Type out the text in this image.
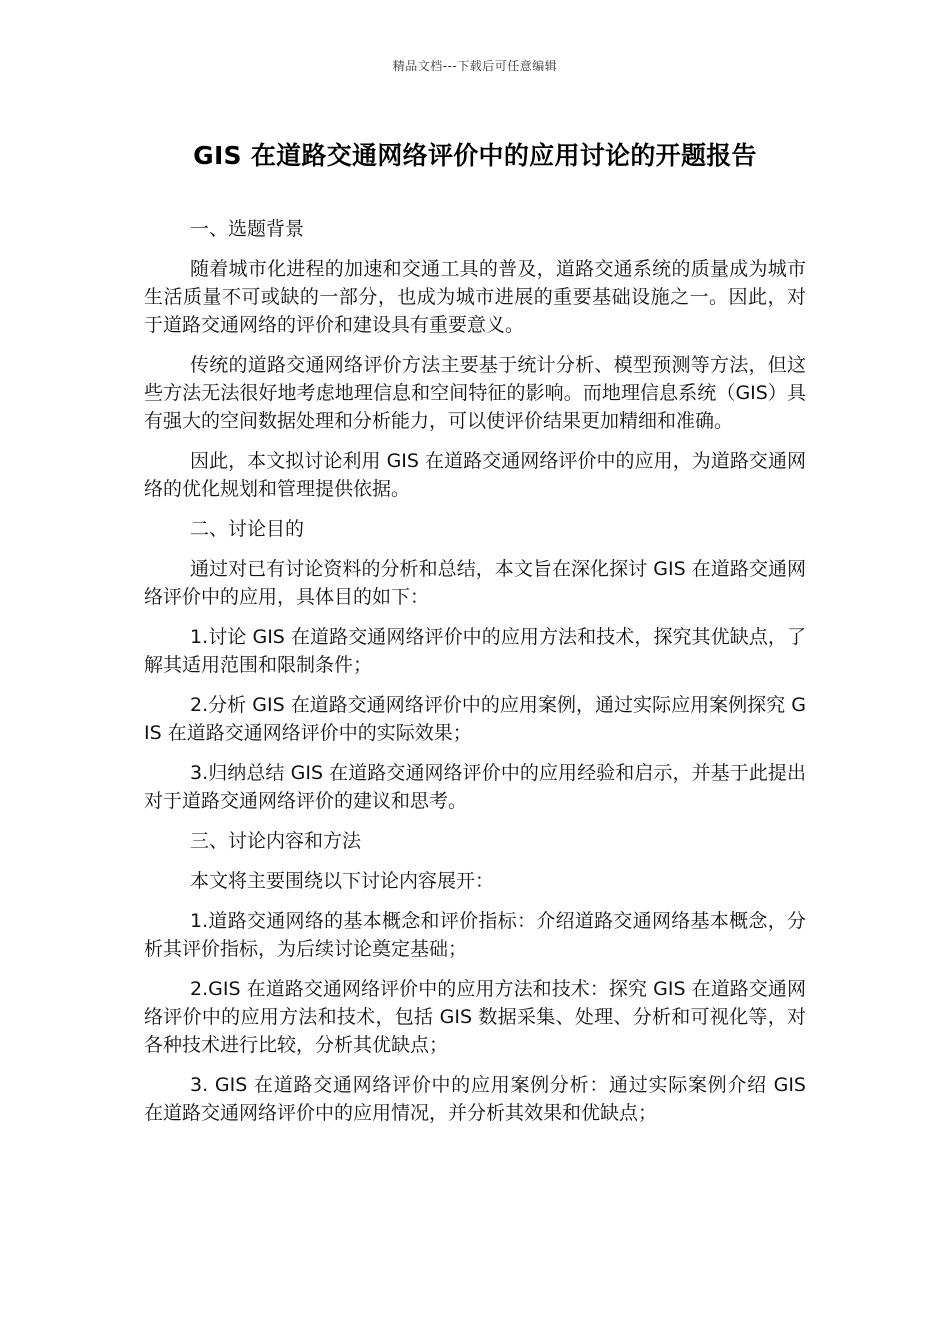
精品文档---下载后可任意编辑
GIS 在道路交通网络评价中的应用讨论的开题报告

一、选题背景

随着城市化进程的加速和交通工具的普及，道路交通系统的质量成为城市生活质量不可或缺的一部分，也成为城市进展的重要基础设施之一。因此，对于道路交通网络的评价和建设具有重要意义。

传统的道路交通网络评价方法主要基于统计分析、模型预测等方法，但这些方法无法很好地考虑地理信息和空间特征的影响。而地理信息系统（GIS）具有强大的空间数据处理和分析能力，可以使评价结果更加精细和准确。

因此，本文拟讨论利用 GIS 在道路交通网络评价中的应用，为道路交通网络的优化规划和管理提供依据。

二、讨论目的

通过对已有讨论资料的分析和总结，本文旨在深化探讨 GIS 在道路交通网络评价中的应用，具体目的如下：

1.讨论 GIS 在道路交通网络评价中的应用方法和技术，探究其优缺点，了解其适用范围和限制条件；

2.分析 GIS 在道路交通网络评价中的应用案例，通过实际应用案例探究 GIS 在道路交通网络评价中的实际效果；

3.归纳总结 GIS 在道路交通网络评价中的应用经验和启示，并基于此提出对于道路交通网络评价的建议和思考。

三、讨论内容和方法

本文将主要围绕以下讨论内容展开：

1.道路交通网络的基本概念和评价指标：介绍道路交通网络基本概念，分析其评价指标，为后续讨论奠定基础；

2.GIS 在道路交通网络评价中的应用方法和技术：探究 GIS 在道路交通网络评价中的应用方法和技术，包括 GIS 数据采集、处理、分析和可视化等，对各种技术进行比较，分析其优缺点；

3. GIS 在道路交通网络评价中的应用案例分析：通过实际案例介绍 GIS 在道路交通网络评价中的应用情况，并分析其效果和优缺点；
